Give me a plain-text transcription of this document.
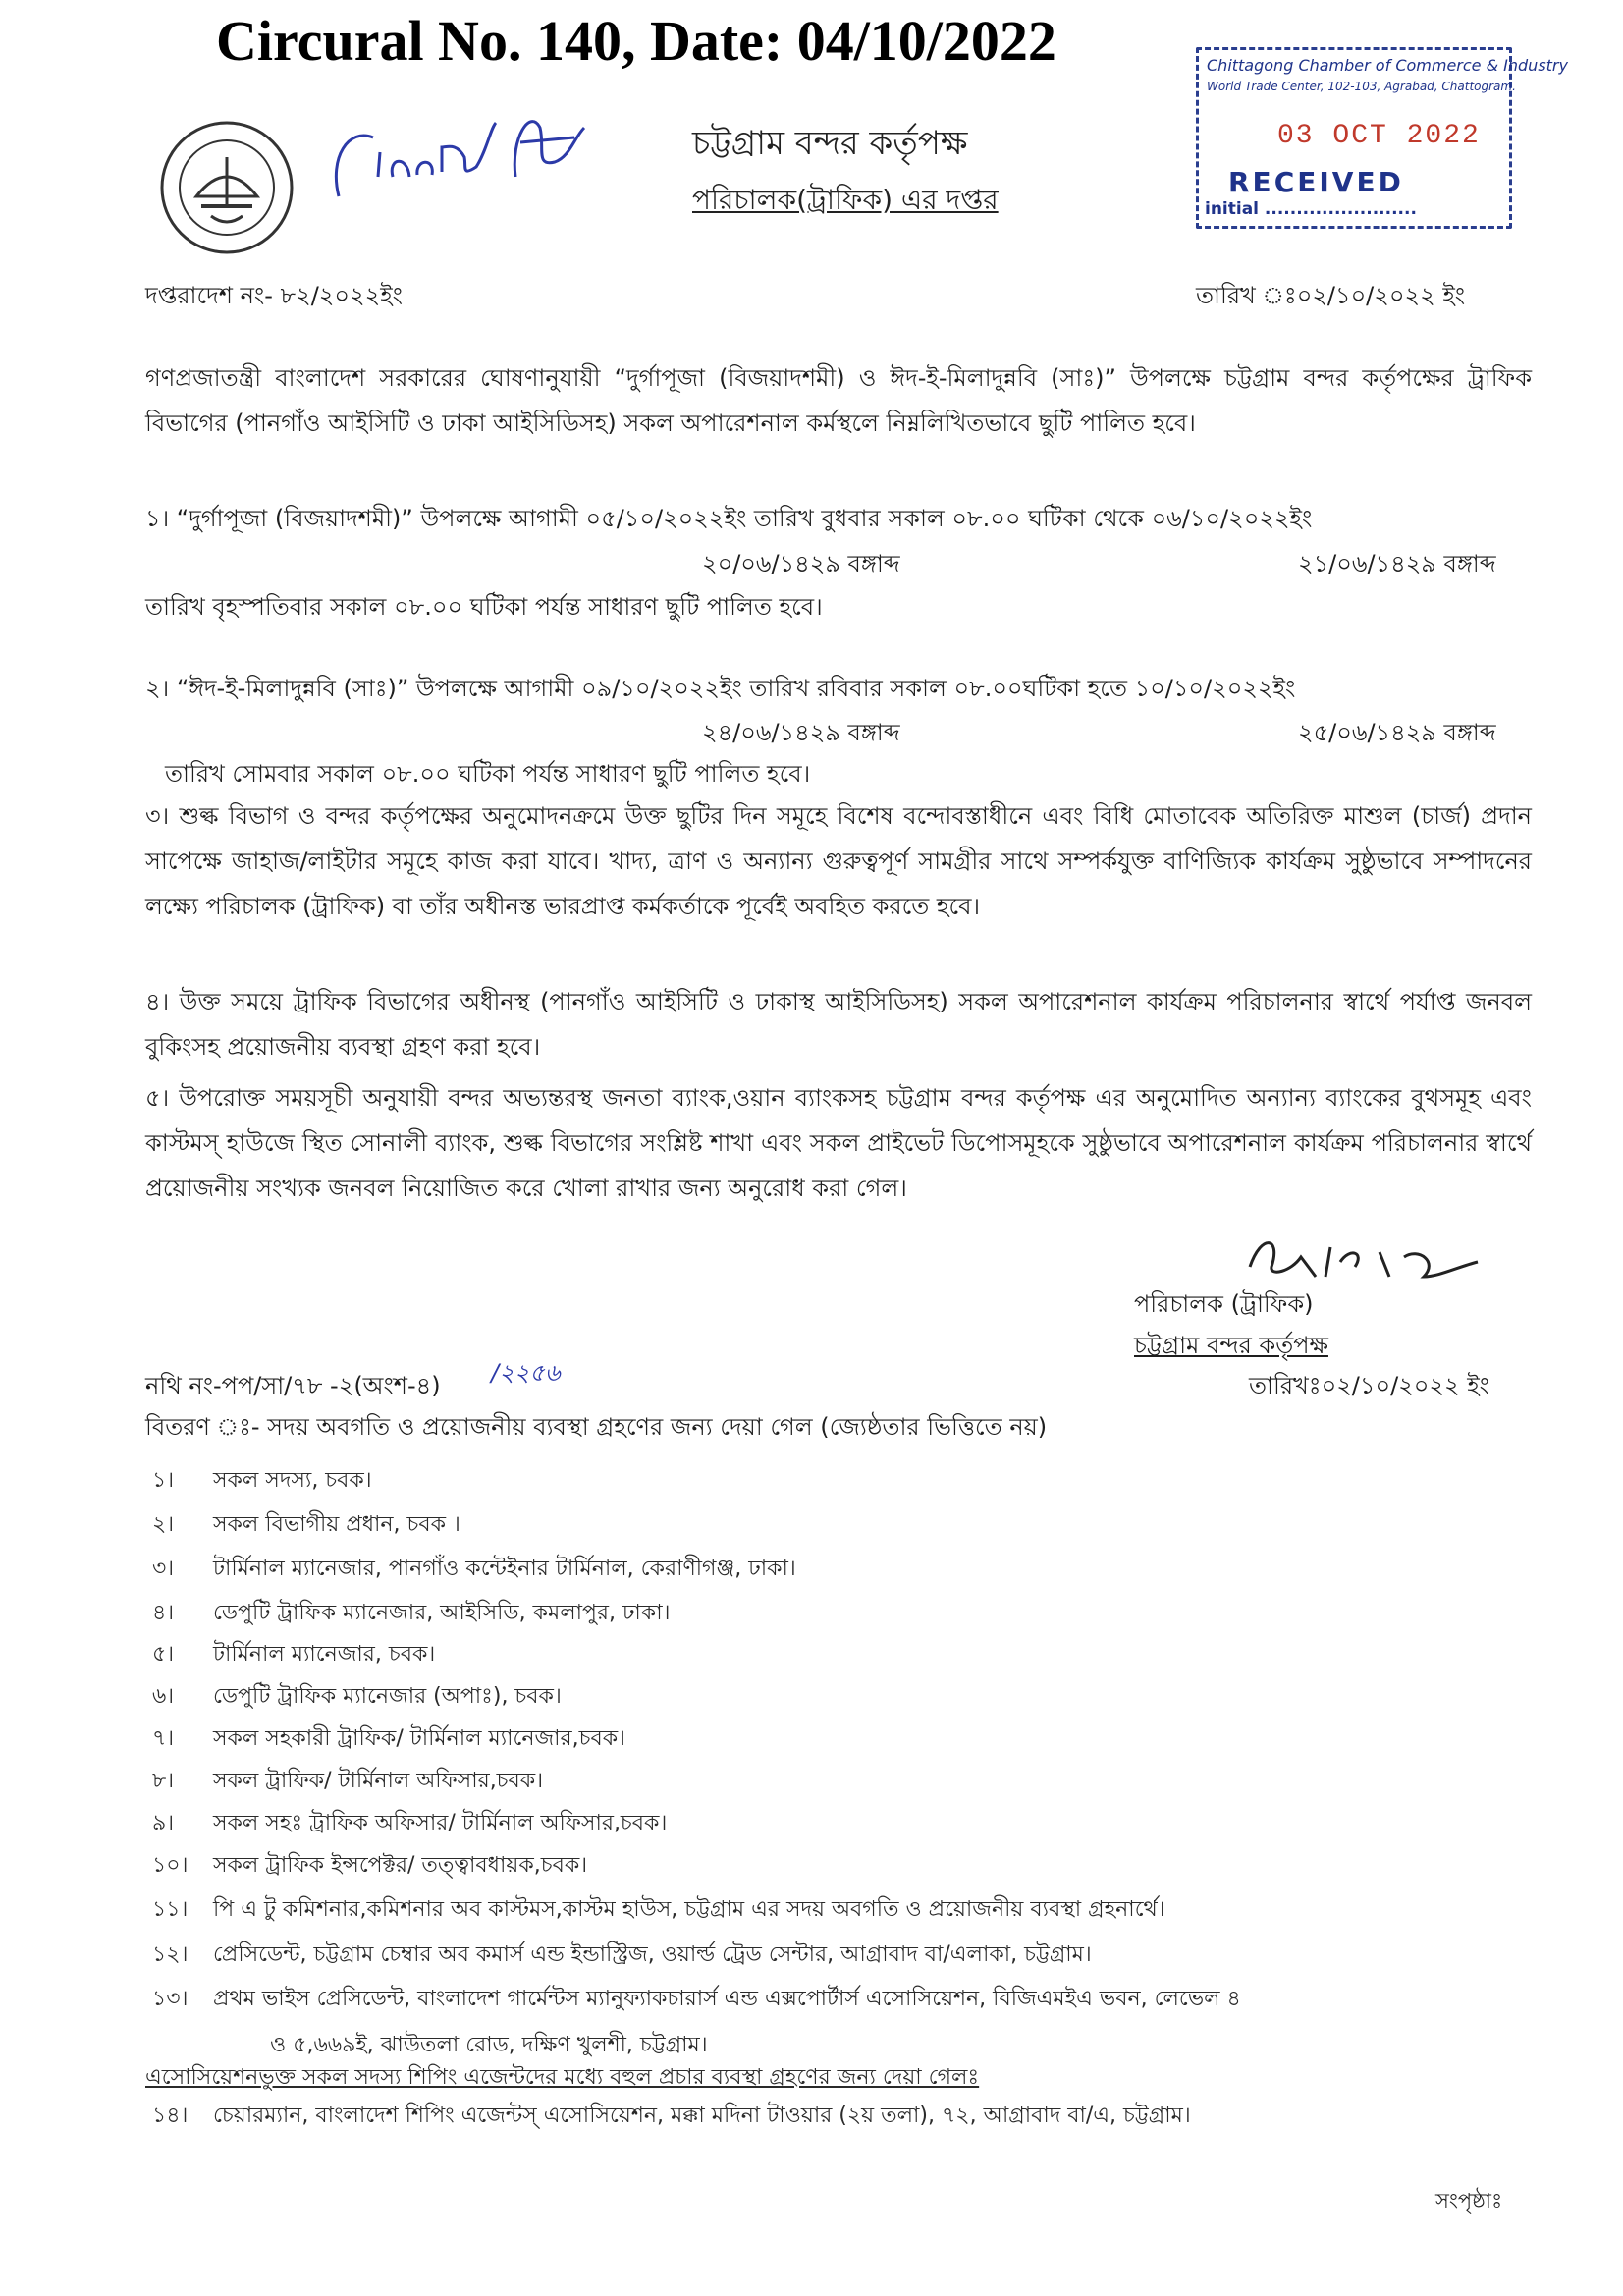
Circural No. 140, Date: 04/10/2022	Chittagong Chamber of Commerce & Industry
World Trade Center, 102-103, Agrabad, Chattogram.
03 OCT 2022
RECEIVED
initial ........................
চট্টগ্রাম বন্দর কর্তৃপক্ষ
পরিচালক(ট্রাফিক) এর দপ্তর
দপ্তরাদেশ নং- ৮২/২০২২ইং	তারিখ ঃ০২/১০/২০২২ ইং
গণপ্রজাতন্ত্রী বাংলাদেশ সরকারের ঘোষণানুযায়ী “দুর্গাপূজা (বিজয়াদশমী) ও ঈদ-ই-মিলাদুন্নবি (সাঃ)” উপলক্ষে চট্টগ্রাম বন্দর কর্তৃপক্ষের ট্রাফিক বিভাগের (পানগাঁও আইসিটি ও ঢাকা আইসিডিসহ) সকল অপারেশনাল কর্মস্থলে নিম্নলিখিতভাবে ছুটি পালিত হবে।
১। “দুর্গাপূজা (বিজয়াদশমী)” উপলক্ষে আগামী ০৫/১০/২০২২ইং তারিখ বুধবার সকাল ০৮.০০ ঘটিকা থেকে ০৬/১০/২০২২ইং
২০/০৬/১৪২৯ বঙ্গাব্দ	২১/০৬/১৪২৯ বঙ্গাব্দ
তারিখ বৃহস্পতিবার সকাল ০৮.০০ ঘটিকা পর্যন্ত সাধারণ ছুটি পালিত হবে।
২। “ঈদ-ই-মিলাদুন্নবি (সাঃ)” উপলক্ষে আগামী ০৯/১০/২০২২ইং তারিখ রবিবার সকাল ০৮.০০ঘটিকা হতে ১০/১০/২০২২ইং
২৪/০৬/১৪২৯ বঙ্গাব্দ	২৫/০৬/১৪২৯ বঙ্গাব্দ
তারিখ সোমবার সকাল ০৮.০০ ঘটিকা পর্যন্ত সাধারণ ছুটি পালিত হবে।
৩। শুল্ক বিভাগ ও বন্দর কর্তৃপক্ষের অনুমোদনক্রমে উক্ত ছুটির দিন সমূহে বিশেষ বন্দোবস্তাধীনে এবং বিধি মোতাবেক অতিরিক্ত মাশুল (চার্জ) প্রদান সাপেক্ষে জাহাজ/লাইটার সমূহে কাজ করা যাবে। খাদ্য, ত্রাণ ও অন্যান্য গুরুত্বপূর্ণ সামগ্রীর সাথে সম্পর্কযুক্ত বাণিজ্যিক কার্যক্রম সুষ্ঠুভাবে সম্পাদনের লক্ষ্যে পরিচালক (ট্রাফিক) বা তাঁর অধীনস্ত ভারপ্রাপ্ত কর্মকর্তাকে পূর্বেই অবহিত করতে হবে।
৪। উক্ত সময়ে ট্রাফিক বিভাগের অধীনস্থ (পানগাঁও আইসিটি ও ঢাকাস্থ আইসিডিসহ) সকল অপারেশনাল কার্যক্রম পরিচালনার স্বার্থে পর্যাপ্ত জনবল বুকিংসহ প্রয়োজনীয় ব্যবস্থা গ্রহণ করা হবে।
৫। উপরোক্ত সময়সূচী অনুযায়ী বন্দর অভ্যন্তরস্থ জনতা ব্যাংক,ওয়ান ব্যাংকসহ চট্টগ্রাম বন্দর কর্তৃপক্ষ এর অনুমোদিত অন্যান্য ব্যাংকের বুথসমূহ এবং কাস্টমস্ হাউজে স্থিত সোনালী ব্যাংক, শুল্ক বিভাগের সংশ্লিষ্ট শাখা এবং সকল প্রাইভেট ডিপোসমূহকে সুষ্ঠুভাবে অপারেশনাল কার্যক্রম পরিচালনার স্বার্থে প্রয়োজনীয় সংখ্যক জনবল নিয়োজিত করে খোলা রাখার জন্য অনুরোধ করা গেল।
পরিচালক (ট্রাফিক)
চট্টগ্রাম বন্দর কর্তৃপক্ষ
নথি নং-পপ/সা/৭৮ -২(অংশ-৪) /২২৫৬	তারিখঃ০২/১০/২০২২ ইং
বিতরণ ঃ- সদয় অবগতি ও প্রয়োজনীয় ব্যবস্থা গ্রহণের জন্য দেয়া গেল (জ্যেষ্ঠতার ভিত্তিতে নয়)
১। সকল সদস্য, চবক।
২। সকল বিভাগীয় প্রধান, চবক ।
৩। টার্মিনাল ম্যানেজার, পানগাঁও কন্টেইনার টার্মিনাল, কেরাণীগঞ্জ, ঢাকা।
৪। ডেপুটি ট্রাফিক ম্যানেজার, আইসিডি, কমলাপুর, ঢাকা।
৫। টার্মিনাল ম্যানেজার, চবক।
৬। ডেপুটি ট্রাফিক ম্যানেজার (অপাঃ), চবক।
৭। সকল সহকারী ট্রাফিক/ টার্মিনাল ম্যানেজার,চবক।
৮। সকল ট্রাফিক/ টার্মিনাল অফিসার,চবক।
৯। সকল সহঃ ট্রাফিক অফিসার/ টার্মিনাল অফিসার,চবক।
১০। সকল ট্রাফিক ইন্সপেক্টর/ তত্ত্বাবধায়ক,চবক।
১১। পি এ টু কমিশনার,কমিশনার অব কাস্টমস,কাস্টম হাউস, চট্টগ্রাম এর সদয় অবগতি ও প্রয়োজনীয় ব্যবস্থা গ্রহনার্থে।
১২। প্রেসিডেন্ট, চট্টগ্রাম চেম্বার অব কমার্স এন্ড ইন্ডাস্ট্রিজ, ওয়ার্ল্ড ট্রেড সেন্টার, আগ্রাবাদ বা/এলাকা, চট্টগ্রাম।
১৩। প্রথম ভাইস প্রেসিডেন্ট, বাংলাদেশ গার্মেন্টস ম্যানুফ্যাকচারার্স এন্ড এক্সপোর্টার্স এসোসিয়েশন, বিজিএমইএ ভবন, লেভেল ৪
ও ৫,৬৬৯ই, ঝাউতলা রোড, দক্ষিণ খুলশী, চট্টগ্রাম।
এসোসিয়েশনভুক্ত সকল সদস্য শিপিং এজেন্টদের মধ্যে বহুল প্রচার ব্যবস্থা গ্রহণের জন্য দেয়া গেলঃ
১৪। চেয়ারম্যান, বাংলাদেশ শিপিং এজেন্টস্ এসোসিয়েশন, মক্কা মদিনা টাওয়ার (২য় তলা), ৭২, আগ্রাবাদ বা/এ, চট্টগ্রাম।
সংপৃষ্ঠাঃ
